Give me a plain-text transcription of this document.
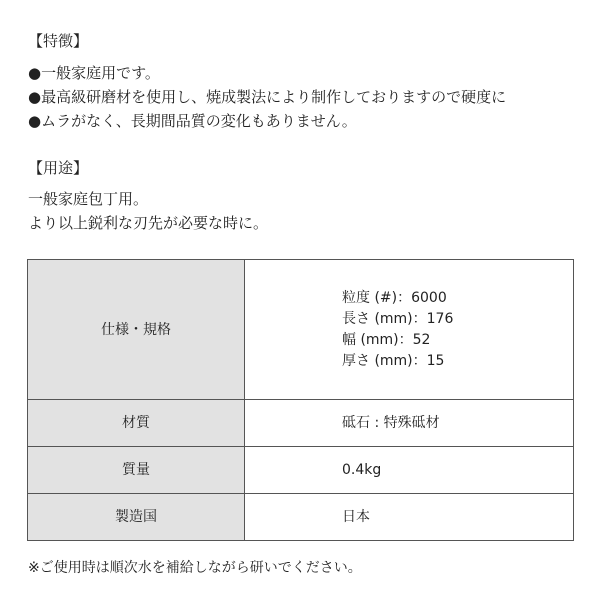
【特徴】
●一般家庭用です。
●最高級研磨材を使用し、焼成製法により制作しておりますので硬度に
●ムラがなく、長期間品質の変化もありません。
【用途】
一般家庭包丁用。
より以上鋭利な刃先が必要な時に。
仕様・規格	粒度 (#)：6000
長さ (mm)：176
幅 (mm)：52
厚さ (mm)：15

材質	砥石 : 特殊砥材
質量	0.4kg
製造国	日本
※ご使用時は順次水を補給しながら研いでください。
